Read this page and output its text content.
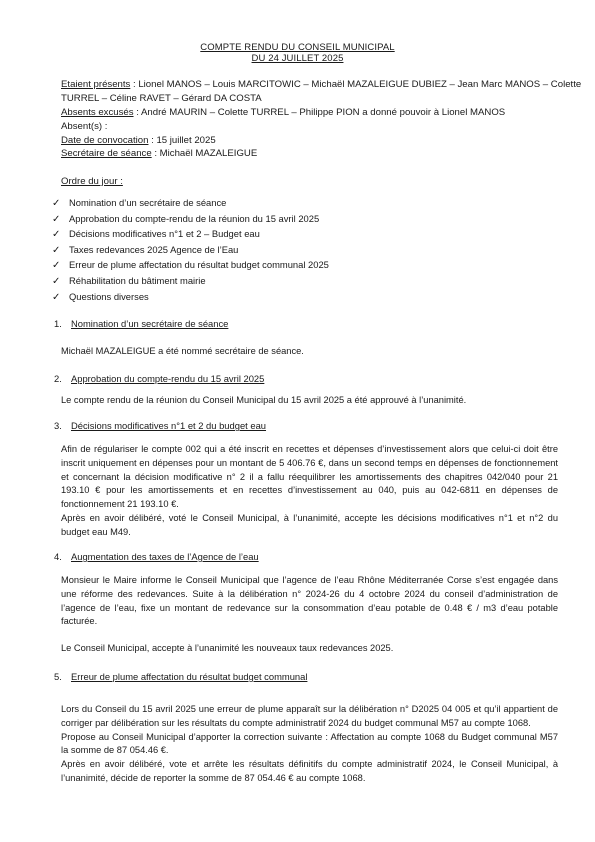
COMPTE RENDU DU CONSEIL MUNICIPAL
DU 24 JUILLET 2025
Etaient présents : Lionel MANOS – Louis MARCITOWIC – Michaël MAZALEIGUE DUBIEZ – Jean Marc MANOS – Colette
TURREL – Céline RAVET – Gérard DA COSTA
Absents excusés : André MAURIN – Colette TURREL – Philippe PION a donné pouvoir à Lionel MANOS
Absent(s) :
Date de convocation : 15 juillet 2025
Secrétaire de séance : Michaël MAZALEIGUE
Ordre du jour :
✓ Nomination d’un secrétaire de séance
✓ Approbation du compte-rendu de la réunion du 15 avril 2025
✓ Décisions modificatives n°1 et 2 – Budget eau
✓ Taxes redevances 2025 Agence de l’Eau
✓ Erreur de plume affectation du résultat budget communal 2025
✓ Réhabilitation du bâtiment mairie
✓ Questions diverses
1. Nomination d’un secrétaire de séance

Michaël MAZALEIGUE a été nommé secrétaire de séance.

2. Approbation du compte-rendu du 15 avril 2025

Le compte rendu de la réunion du Conseil Municipal du 15 avril 2025 a été approuvé à l’unanimité.

3. Décisions modificatives n°1 et 2 du budget eau

Afin de régulariser le compte 002 qui a été inscrit en recettes et dépenses d’investissement alors que celui-ci doit être inscrit uniquement en dépenses pour un montant de 5 406.76 €, dans un second temps en dépenses de fonctionnement et concernant la décision modificative n° 2 il a fallu réequilibrer les amortissements des chapitres 042/040 pour 21 193.10 € pour les amortissements et en recettes d’investissement au 040, puis au 042-6811 en dépenses de fonctionnement 21 193.10 €.

Après en avoir délibéré, voté le Conseil Municipal, à l’unanimité, accepte les décisions modificatives n°1 et n°2 du budget eau M49.

4. Augmentation des taxes de l’Agence de l’eau

Monsieur le Maire informe le Conseil Municipal que l’agence de l’eau Rhône Méditerranée Corse s’est engagée dans une réforme des redevances. Suite à la délibération n° 2024-26 du 4 octobre 2024 du conseil d’administration de l’agence de l’eau, fixe un montant de redevance sur la consommation d’eau potable de 0.48 € / m3 d’eau potable facturée.

Le Conseil Municipal, accepte à l’unanimité les nouveaux taux redevances 2025.

5. Erreur de plume affectation du résultat budget communal

Lors du Conseil du 15 avril 2025 une erreur de plume apparaît sur la délibération n° D2025 04 005 et qu’il appartient de corriger par délibération sur les résultats du compte administratif 2024 du budget communal M57 au compte 1068.

Propose au Conseil Municipal d’apporter la correction suivante : Affectation au compte 1068 du Budget communal M57 la somme de 87 054.46 €.

Après en avoir délibéré, vote et arrête les résultats définitifs du compte administratif 2024, le Conseil Municipal, à l’unanimité, décide de reporter la somme de 87 054.46 € au compte 1068.
